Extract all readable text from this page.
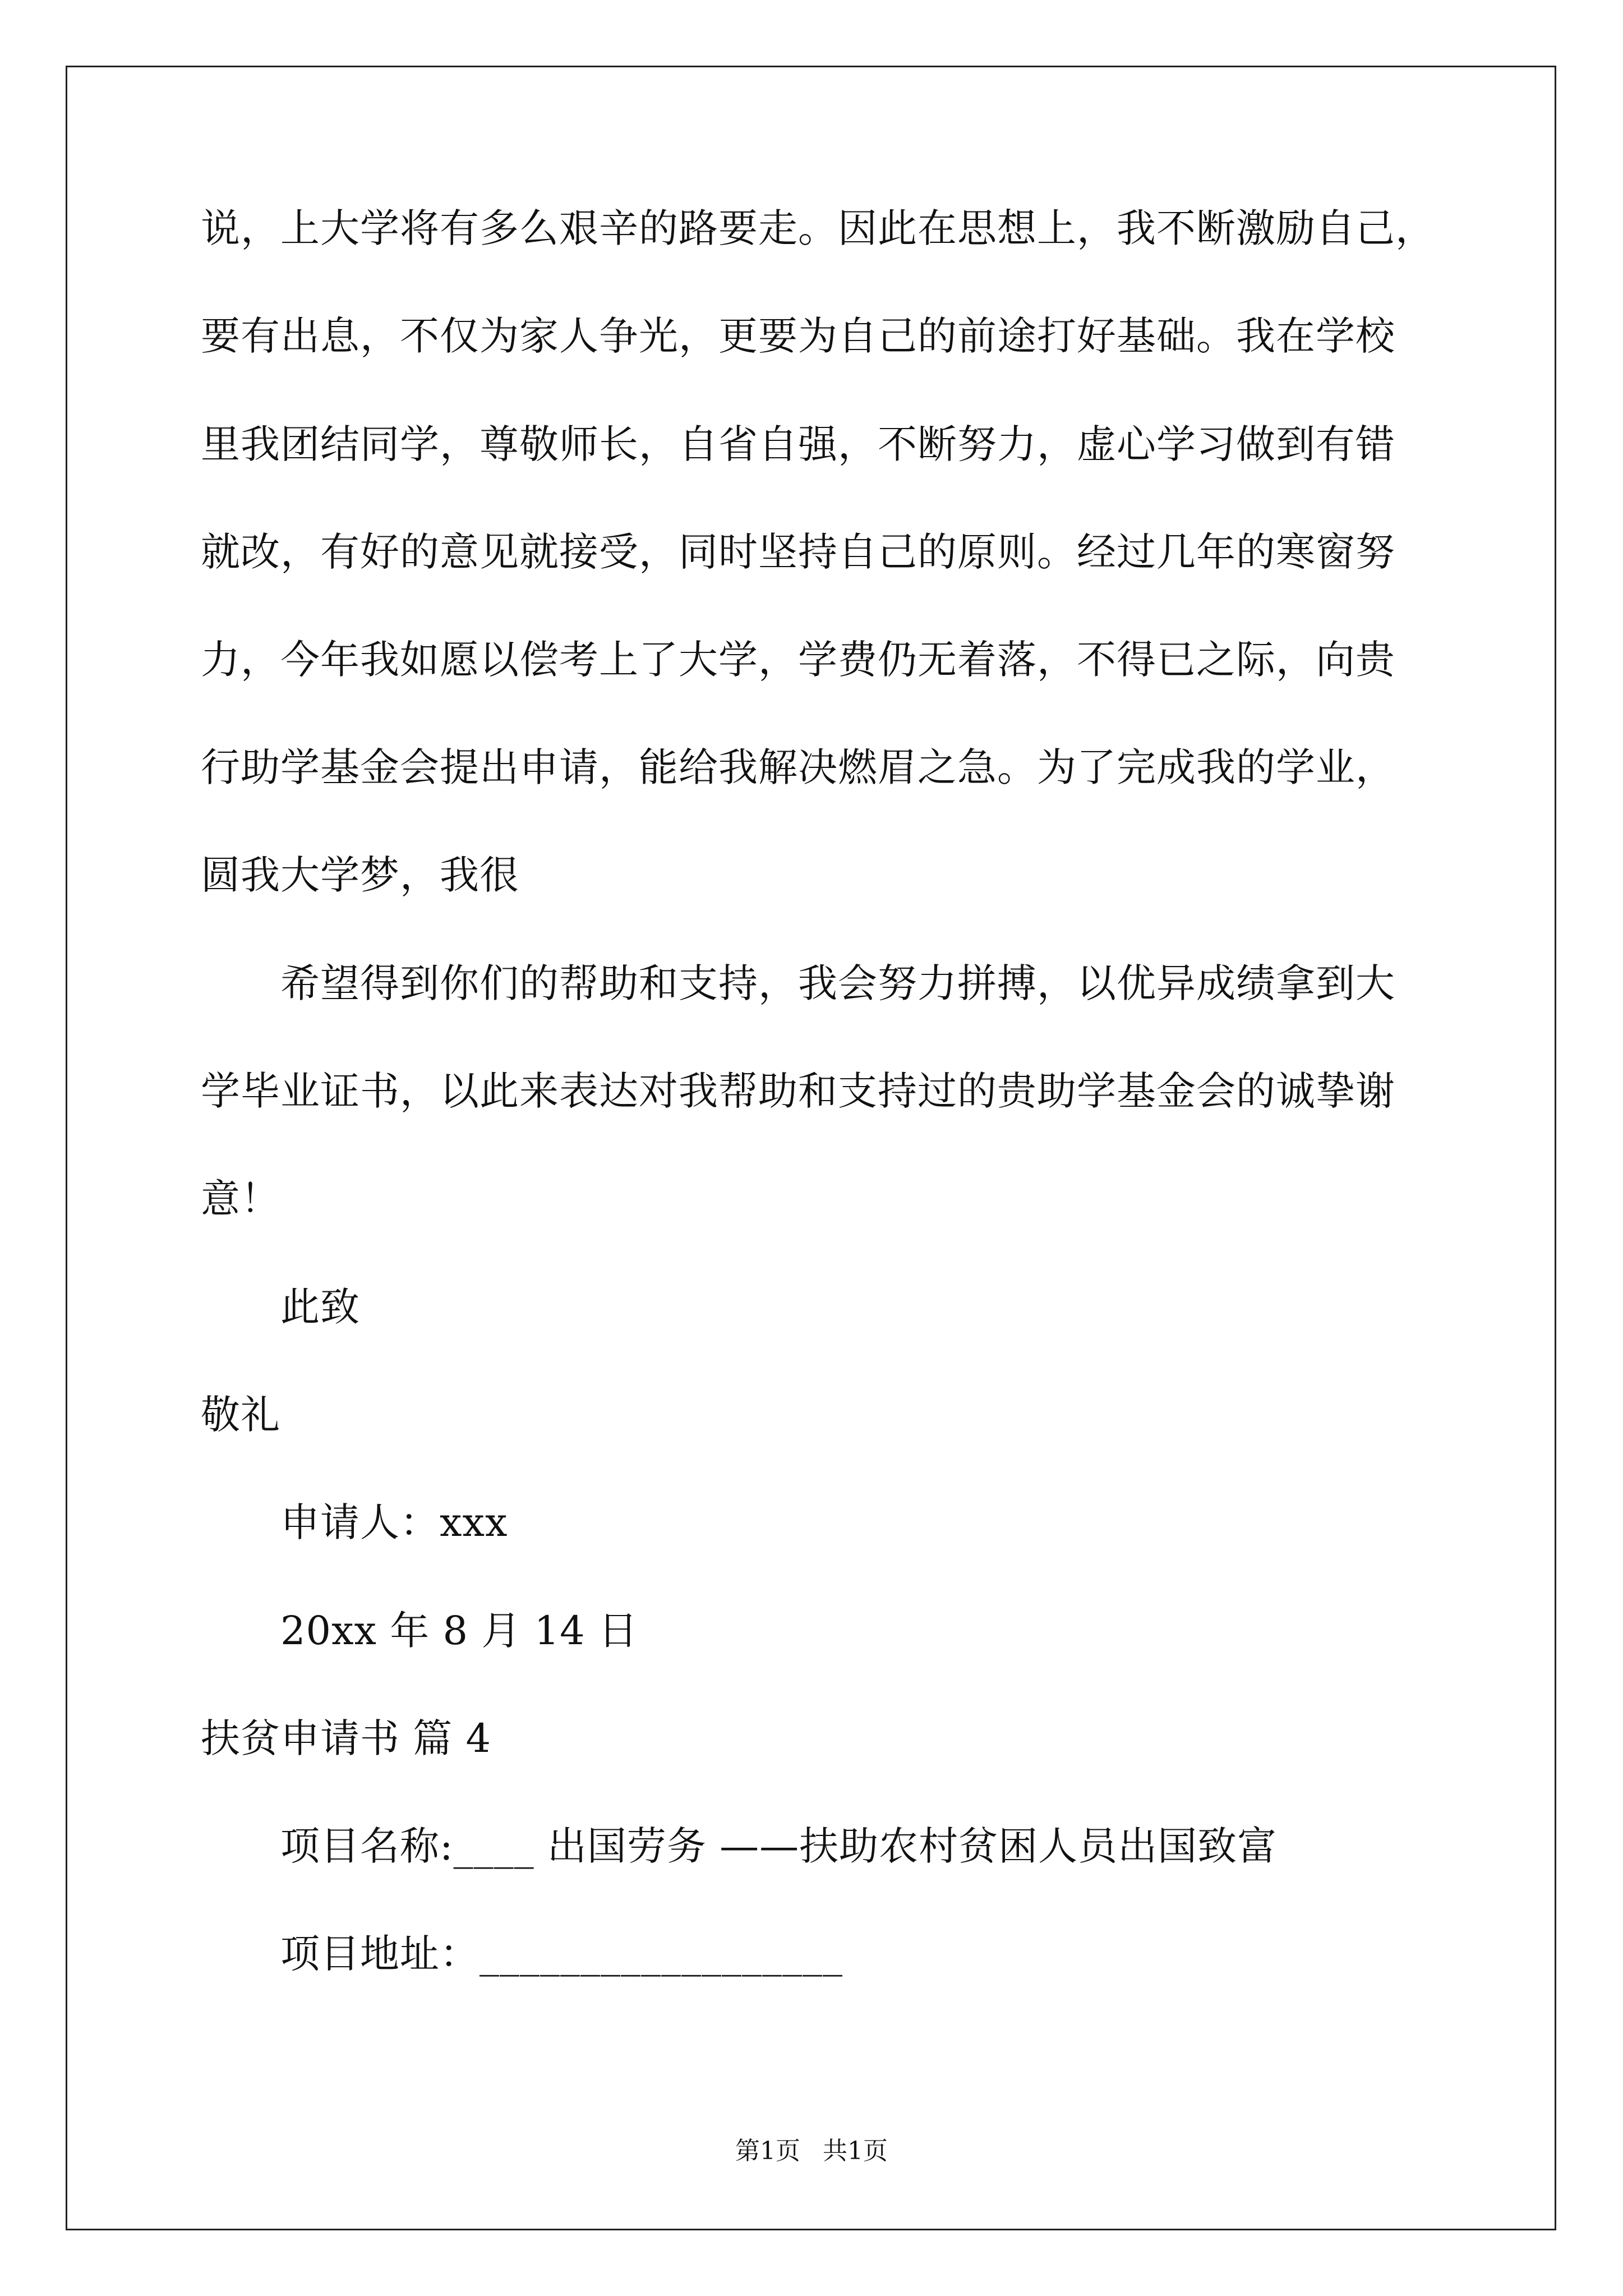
说，上大学将有多么艰辛的路要走。因此在思想上，我不断激励自己，
要有出息，不仅为家人争光，更要为自己的前途打好基础。我在学校
里我团结同学，尊敬师长，自省自强，不断努力，虚心学习做到有错
就改，有好的意见就接受，同时坚持自己的原则。经过几年的寒窗努
力，今年我如愿以偿考上了大学，学费仍无着落，不得已之际，向贵
行助学基金会提出申请，能给我解决燃眉之急。为了完成我的学业，
圆我大学梦，我很
希望得到你们的帮助和支持，我会努力拼搏，以优异成绩拿到大
学毕业证书，以此来表达对我帮助和支持过的贵助学基金会的诚挚谢
意！
此致
敬礼
申请人：xxx
20xx 年 8 月 14 日
扶贫申请书 篇 4
项目名称:____ 出国劳务 ——扶助农村贫困人员出国致富
项目地址：__________________
第1页 共1页
